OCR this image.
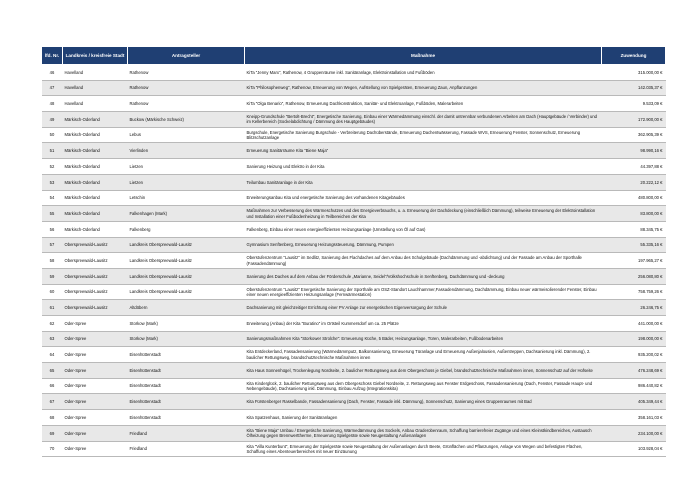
lfd. Nr.	Landkreis / kreisfreie Stadt	Antragsteller	Maßnahme	Zuwendung
46	Havelland	Rathenow	KiTa "Jenny Marx", Rathenow, 4 Gruppenräume inkl. Sanitäranlage, Elektroinstallation und Fußböden	315.000,00 €
47	Havelland	Rathenow	KiTa "Philosophenweg", Rathenow, Erneuerung von Wegen, Aufstellung von Spielgeräten, Erneuerung Zaun, Anpflanzungen	142.035,37 €
48	Havelland	Rathenow	KiTa "Olga Benario", Rathenow, Erneuerung Dachkonstruktion, Sanitär- und Elektroanlage, Fußböden, Malerarbeiten	9.533,09 €
49	Märkisch-Oderland	Buckow (Märkische Schweiz)	Kneipp-Grundschule "Bertolt-Brecht", Energetische Sanierung, Einbau einer Wärmedämmung einschl. der damit untrennbar verbundenen Arbeiten am Dach (Hauptgebäude / Verbinder) und im Kellerbereich (Sockelabdichtung / Dämmung des Hauptgebäudes)	172.900,00 €
50	Märkisch-Oderland	Lebus	Burgschule, Energetische Sanierung Burgschule - Verbreiterung Dachüberstände, Erneuerung Dachentwässerung, Fassade WVS, Erneuerung Fenster, Sonnenschutz, Erneuerung Blitzschutzanlage	362.905,39 €
51	Märkisch-Oderland	Vierlinden	Erneuerung Sanitärräume Kita "Biene Maja"	98.990,16 €
52	Märkisch-Oderland	Lietzen	Sanierung Heizung und Elektro in der Kita	44.397,88 €
53	Märkisch-Oderland	Lietzen	Teilumbau Sanitäranlage in der Kita	20.222,12 €
54	Märkisch-Oderland	Letschin	Erweiterungsanbau Kita und energetische Sanierung des vorhandenen Kitagebäudes	480.800,00 €
55	Märkisch-Oderland	Falkenhagen (Mark)	Maßnahmen zur Verbesserung des Wärmeschutzes und des Energieverbrauchs, u. a. Erneuerung der Dachdeckung (einschließlich Dämmung), teilweise Erneuerung der Elektroinstallation und Installation einer Fußbodenheizung in Teilbereichen der Kita	83.800,00 €
56	Märkisch-Oderland	Falkenberg	Falkenberg, Einbau einer neuen energieeffizienten Heizungsanlage (Umstellung von Öl auf Gas)	88.345,75 €
57	Oberspreewald-Lausitz	Landkreis Oberspreewald-Lausitz	Gymnasium Senftenberg, Erneuerung Heizungssteuerung, Dämmung, Pumpen	55.335,16 €
58	Oberspreewald-Lausitz	Landkreis Oberspreewald-Lausitz	Oberstufenzentrum "Lausitz" im Sedlitz, Sanierung des Flachdaches auf dem Anbau des Schulgebäude (Dachdämmung und -abdichtung) und der Fassade am Anbau der Sporthalle (Fassadendämmung)	197.965,27 €
59	Oberspreewald-Lausitz	Landkreis Oberspreewald-Lausitz	Sanierung des Daches auf dem Anbau der Förderschule „Marianne, Seidel"/Volkshochschule in Senftenberg, Dachdämmung und -deckung	256.080,80 €
60	Oberspreewald-Lausitz	Landkreis Oberspreewald-Lausitz	Oberstufenzentrum "Lausitz" Energetische Sanierung der Sporthalle am OSZ-Standort Lauchhammer,Fassadendämmung, Dachdämmung, Einbau neuer wärmeisolierender Fenster, Einbau einer neuen energieeffizienten Heizungsanlage (Fernwärmestation)	758.759,26 €
61	Oberspreewald-Lausitz	Altdöbern	Dachsanierung mit gleichzeitiger Errichtung einer PV Anlage zur energetischen Eigenversorgung der Schule	26.246,75 €
62	Oder-Spree	Storkow (Mark)	Erweiterung (Anbau) der Kita "Buratino" im Ortsteil Kummersdorf um ca. 25 Plätze	441.000,00 €
63	Oder-Spree	Storkow (Mark)	Sanierungsmaßnahmen Kita "Storkower Strolche": Erneuerung Küche, 5 Bäder, Heizungsanlage, Türen, Malerarbeiten, Fußbodenarbeiten	198.000,00 €
64	Oder-Spree	Eisenhüttenstadt	Kita Entdeckerland, Fassadensanierung (Wärmedämmputz, Balkonsanierung, Erneuerung Türanlage und Erneuerung Außenjalousien, Außentreppen, Dachsanierung inkl. Dämmung), 2. baulicher Rettungsweg, brandschutztechnische Maßnahmen innen	935.200,02 €
65	Oder-Spree	Eisenhüttenstadt	Kita Haus Sonnenhügel, Trockenlegung Nordseite, 2. baulicher Rettungsweg aus dem Obergeschoss je Giebel, brandschutztechnische Maßnahmen innen, Sonnenschutz auf der Hofseite	476.248,69 €
66	Oder-Spree	Eisenhüttenstadt	Kita Kinderglück, 2. baulicher Rettungsweg aus dem Obergeschoss Giebel Nordseite, 2. Rettungsweg aus Fenster Erdgeschoss, Fassadensanierung (Dach, Fenster, Fassade Haupt- und Nebengebäude), Dachsanierung inkl. Dämmung, Einbau Aufzug (Integrationskita)	986.440,82 €
67	Oder-Spree	Eisenhüttenstadt	Kita Fürstenberger Rasselbande, Fassadensanierung (Dach, Fenster, Fassade inkl. Dämmung), Sonnenschutz, Sanierung eines Gruppenraumes mit Bad	405.349,44 €
68	Oder-Spree	Eisenhüttenstadt	Kita Spatzenhaus, Sanierung der Sanitäranlagen	358.161,03 €
69	Oder-Spree	Friedland	Kita "Biene Maja" Umbau / Energetische Sanierung, Wärmedämmung des Sockels, Anbau Graderobenraum, Schaffung barrierefreier Zugänge und eines Kleinstkindbereiches, Austausch Ölheizung gegen Brennwerttherme, Erneuerung Spielgeräte sowie Neugestaltung Außenanlagen	234.100,00 €
70	Oder-Spree	Friedland	Kita "Villa Kunterbunt", Erneuerung der Spielgeräte sowie Neugestaltung der Außenanlagen durch Beete, Grünflächen und Pflanzungen, Anlage von Wegen und befestigten Flächen, Schaffung eines Abenteuerbereiches mit neuer Einzäunung	103.928,04 €
